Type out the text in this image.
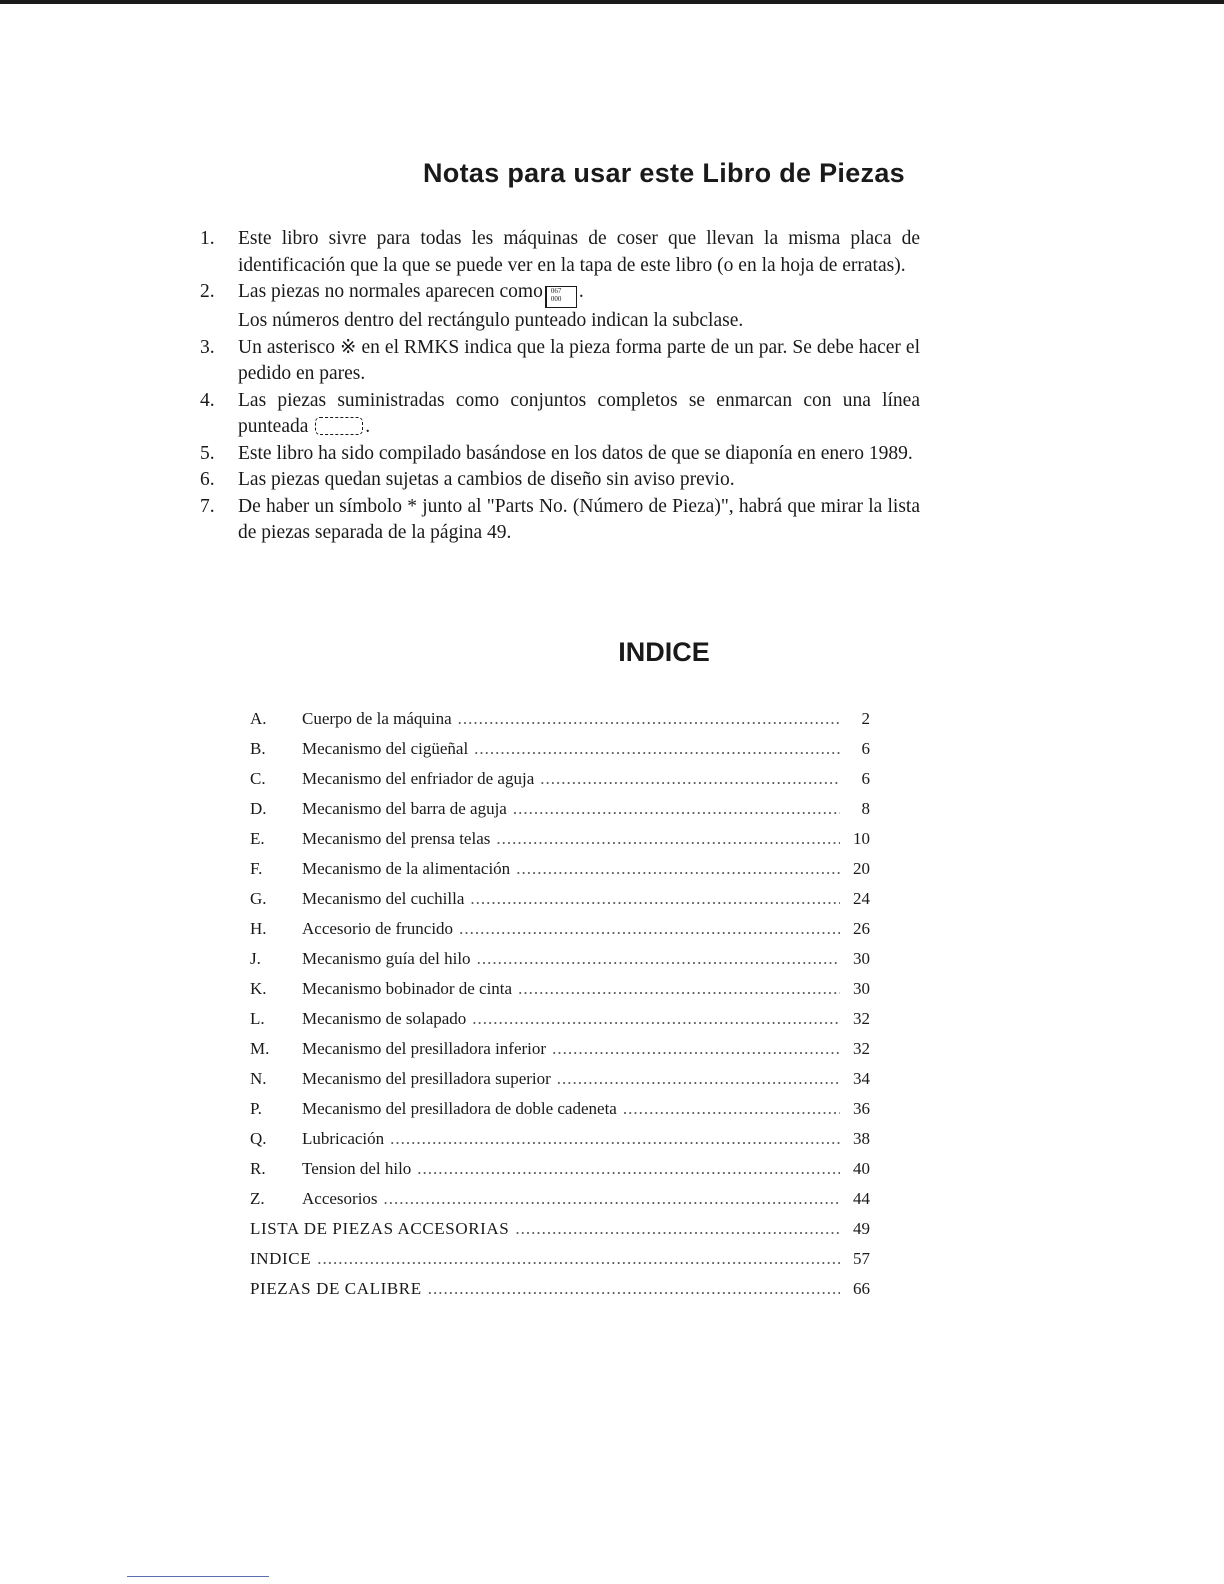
Notas para usar este Libro de Piezas
1.	Este libro sivre para todas les máquinas de coser que llevan la misma placa de identificación que la que se puede ver en la tapa de este libro (o en la hoja de erratas).
2.	Las piezas no normales aparecen como 067
000 .
Los números dentro del rectángulo punteado indican la subclase.
3.	Un asterisco ※ en el RMKS indica que la pieza forma parte de un par. Se debe hacer el pedido en pares.
4.	Las piezas suministradas como conjuntos completos se enmarcan con una línea punteada	.
5.	Este libro ha sido compilado basándose en los datos de que se diaponía en enero 1989.
6.	Las piezas quedan sujetas a cambios de diseño sin aviso previo.
7.	De haber un símbolo * junto al "Parts No. (Número de Pieza)", habrá que mirar la lista de piezas separada de la página 49.
INDICE
A.	Cuerpo de la máquina .....	2
B.	Mecanismo del cigüeñal .....	6
C.	Mecanismo del enfriador de aguja .....	6
D.	Mecanismo del barra de aguja .....	8
E.	Mecanismo del prensa telas .....	10
F.	Mecanismo de la alimentación .....	20
G.	Mecanismo del cuchilla .....	24
H.	Accesorio de fruncido .....	26
J.	Mecanismo guía del hilo .....	30
K.	Mecanismo bobinador de cinta .....	30
L.	Mecanismo de solapado .....	32
M.	Mecanismo del presilladora inferior .....	32
N.	Mecanismo del presilladora superior .....	34
P.	Mecanismo del presilladora de doble cadeneta .....	36
Q.	Lubricación .....	38
R.	Tension del hilo .....	40
Z.	Accesorios .....	44
LISTA DE PIEZAS ACCESORIAS .....	49
INDICE .....	57
PIEZAS DE CALIBRE .....	66
